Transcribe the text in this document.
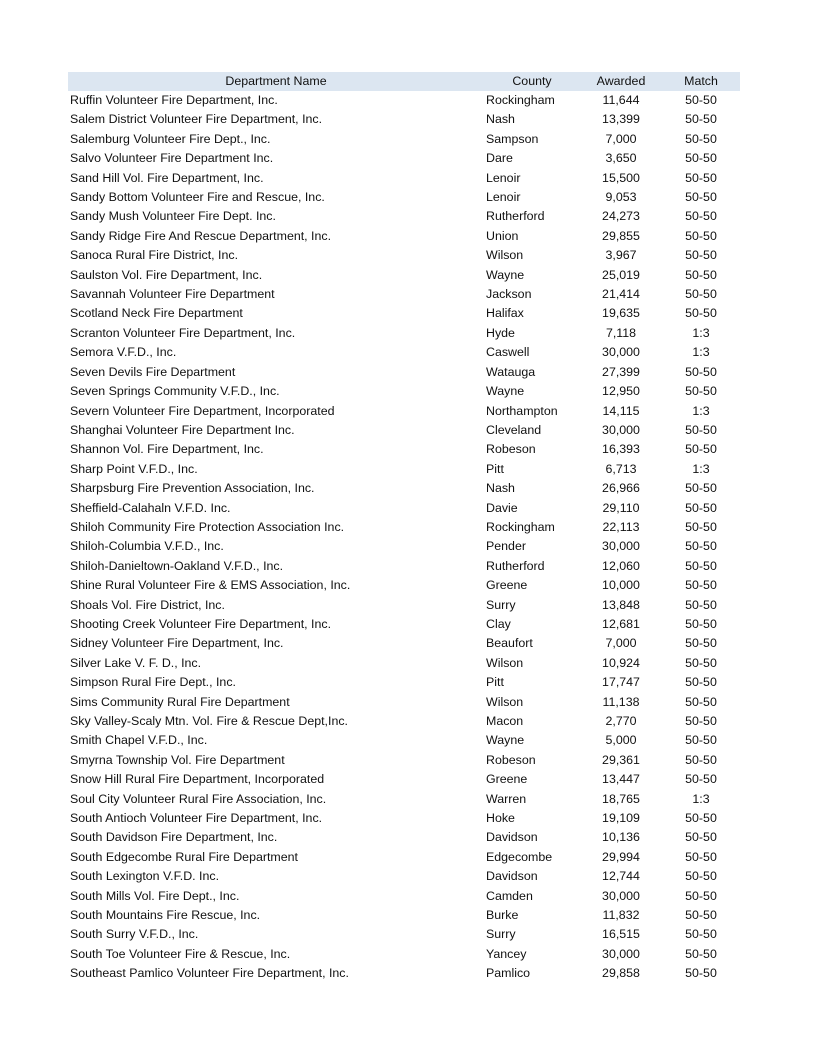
Department Name	County	Awarded	Match
Ruffin Volunteer Fire Department, Inc.	Rockingham	11,644	50-50
Salem District Volunteer Fire Department, Inc.	Nash	13,399	50-50
Salemburg Volunteer Fire Dept., Inc.	Sampson	7,000	50-50
Salvo Volunteer Fire Department Inc.	Dare	3,650	50-50
Sand Hill Vol. Fire Department, Inc.	Lenoir	15,500	50-50
Sandy Bottom Volunteer Fire and Rescue, Inc.	Lenoir	9,053	50-50
Sandy Mush Volunteer Fire Dept. Inc.	Rutherford	24,273	50-50
Sandy Ridge Fire And Rescue Department, Inc.	Union	29,855	50-50
Sanoca Rural Fire District, Inc.	Wilson	3,967	50-50
Saulston Vol. Fire Department, Inc.	Wayne	25,019	50-50
Savannah Volunteer Fire Department	Jackson	21,414	50-50
Scotland Neck Fire Department	Halifax	19,635	50-50
Scranton Volunteer Fire Department, Inc.	Hyde	7,118	1:3
Semora V.F.D., Inc.	Caswell	30,000	1:3
Seven Devils Fire Department	Watauga	27,399	50-50
Seven Springs Community V.F.D., Inc.	Wayne	12,950	50-50
Severn Volunteer Fire Department, Incorporated	Northampton	14,115	1:3
Shanghai Volunteer Fire Department Inc.	Cleveland	30,000	50-50
Shannon Vol. Fire Department, Inc.	Robeson	16,393	50-50
Sharp Point V.F.D., Inc.	Pitt	6,713	1:3
Sharpsburg Fire Prevention Association, Inc.	Nash	26,966	50-50
Sheffield-Calahaln V.F.D. Inc.	Davie	29,110	50-50
Shiloh Community Fire Protection Association Inc.	Rockingham	22,113	50-50
Shiloh-Columbia V.F.D., Inc.	Pender	30,000	50-50
Shiloh-Danieltown-Oakland V.F.D., Inc.	Rutherford	12,060	50-50
Shine Rural Volunteer Fire & EMS Association, Inc.	Greene	10,000	50-50
Shoals Vol. Fire District, Inc.	Surry	13,848	50-50
Shooting Creek Volunteer Fire Department, Inc.	Clay	12,681	50-50
Sidney Volunteer Fire Department, Inc.	Beaufort	7,000	50-50
Silver Lake V. F. D., Inc.	Wilson	10,924	50-50
Simpson Rural Fire Dept., Inc.	Pitt	17,747	50-50
Sims Community Rural Fire Department	Wilson	11,138	50-50
Sky Valley-Scaly Mtn. Vol. Fire & Rescue Dept,Inc.	Macon	2,770	50-50
Smith Chapel V.F.D., Inc.	Wayne	5,000	50-50
Smyrna Township Vol. Fire Department	Robeson	29,361	50-50
Snow Hill Rural Fire Department, Incorporated	Greene	13,447	50-50
Soul City Volunteer Rural Fire Association, Inc.	Warren	18,765	1:3
South Antioch Volunteer Fire Department, Inc.	Hoke	19,109	50-50
South Davidson Fire Department, Inc.	Davidson	10,136	50-50
South Edgecombe Rural Fire Department	Edgecombe	29,994	50-50
South Lexington V.F.D. Inc.	Davidson	12,744	50-50
South Mills Vol. Fire Dept., Inc.	Camden	30,000	50-50
South Mountains Fire Rescue, Inc.	Burke	11,832	50-50
South Surry V.F.D., Inc.	Surry	16,515	50-50
South Toe Volunteer Fire & Rescue, Inc.	Yancey	30,000	50-50
Southeast Pamlico Volunteer Fire Department, Inc.	Pamlico	29,858	50-50
